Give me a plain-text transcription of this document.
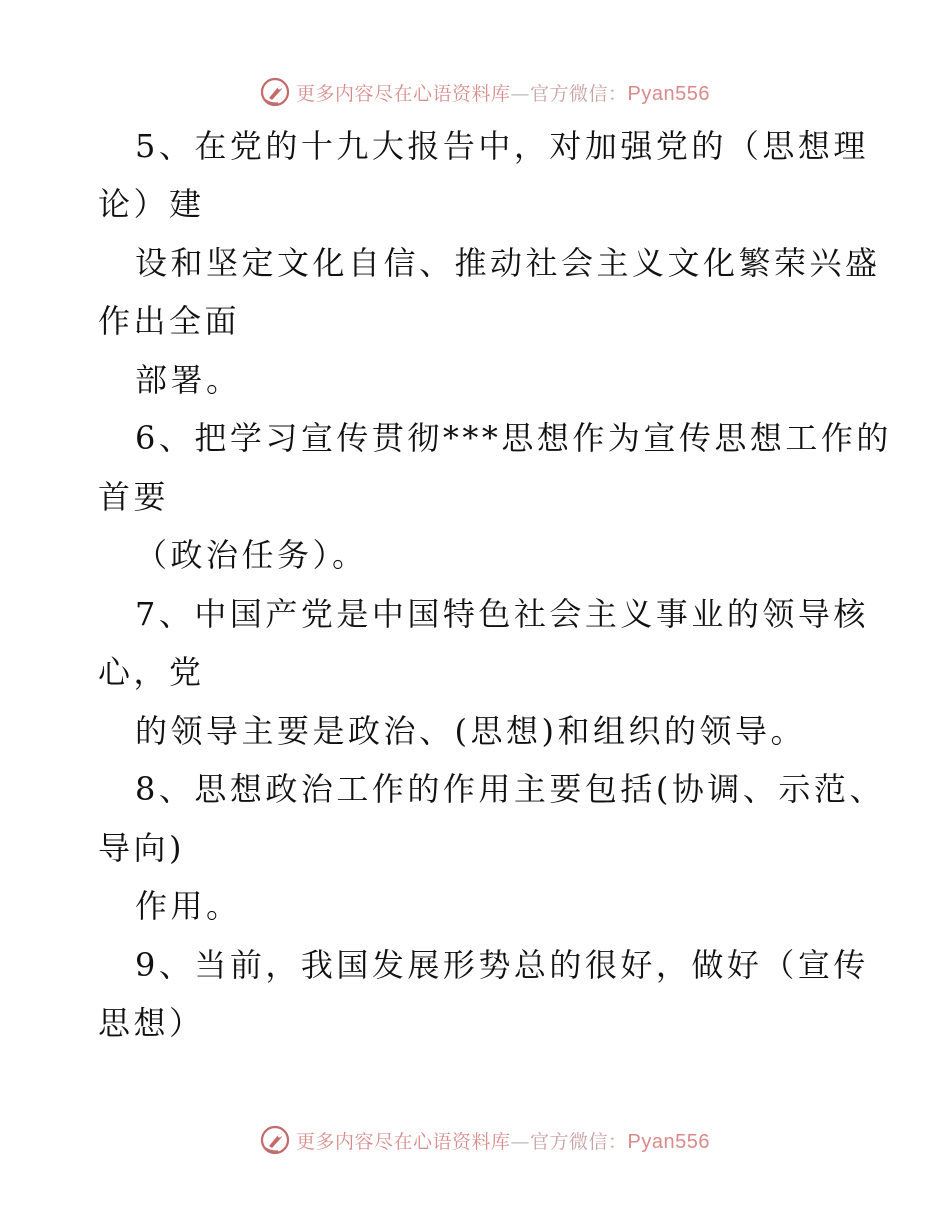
更多内容尽在心语资料库—官方微信：Pyan556
5、在党的十九大报告中，对加强党的（思想理
论）建
设和坚定文化自信、推动社会主义文化繁荣兴盛
作出全面
部署。
6、把学习宣传贯彻***思想作为宣传思想工作的
首要
（政治任务）。
7、中国产党是中国特色社会主义事业的领导核
心，党
的领导主要是政治、(思想)和组织的领导。
8、思想政治工作的作用主要包括(协调、示范、
导向)
作用。
9、当前，我国发展形势总的很好，做好（宣传
思想）
更多内容尽在心语资料库—官方微信：Pyan556
